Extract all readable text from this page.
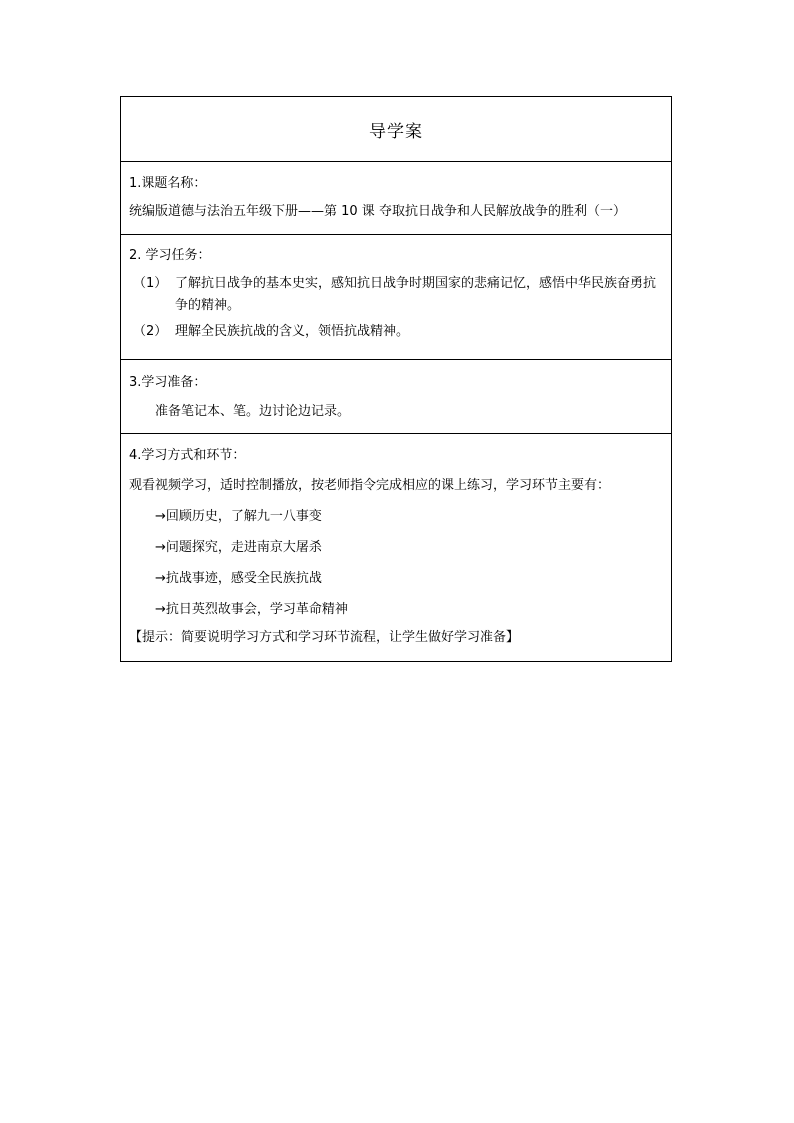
导学案
1.课题名称：
统编版道德与法治五年级下册——第 10 课 夺取抗日战争和人民解放战争的胜利（一）
2. 学习任务：
（1） 了解抗日战争的基本史实，感知抗日战争时期国家的悲痛记忆，感悟中华民族奋勇抗争的精神。
（2） 理解全民族抗战的含义，领悟抗战精神。
3.学习准备：
准备笔记本、笔。边讨论边记录。
4.学习方式和环节：
观看视频学习，适时控制播放，按老师指令完成相应的课上练习，学习环节主要有：
→回顾历史，了解九一八事变
→问题探究，走进南京大屠杀
→抗战事迹，感受全民族抗战
→抗日英烈故事会，学习革命精神
【提示：简要说明学习方式和学习环节流程，让学生做好学习准备】
